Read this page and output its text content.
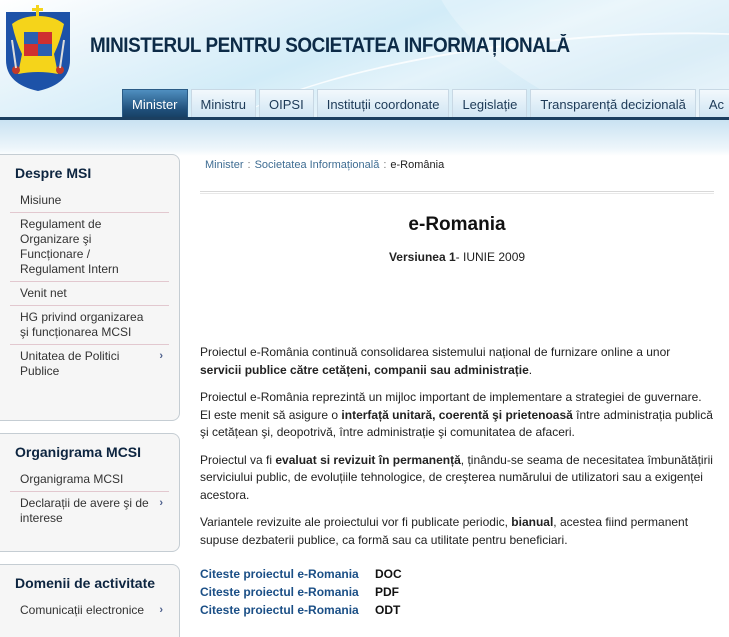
MINISTERUL PENTRU SOCIETATEA INFORMAȚIONALĂ
Minister	Ministru	OIPSI	Instituții coordonate	Legislație	Transparență decizională	Ac
Despre MSI
Misiune
Regulament de Organizare şi Funcționare / Regulament Intern
Venit net
HG privind organizarea şi funcționarea MCSI
Unitatea de Politici Publice
›
Organigrama MCSI
Organigrama MCSI
Declarații de avere şi de interese
›
Domenii de activitate
Comunicații electronice ›
Minister : Societatea Informațională : e-România
e-Romania
Versiunea 1- IUNIE 2009

Proiectul e-România continuă consolidarea sistemului național de furnizare online a unor servicii publice către cetățeni, companii sau administrație.

Proiectul e-România reprezintă un mijloc important de implementare a strategiei de guvernare. El este menit să asigure o interfață unitară, coerentă şi prietenoasă între administrația publică şi cetățean şi, deopotrivă, între administrație şi comunitatea de afaceri.

Proiectul va fi evaluat si revizuit în permanență, ținându-se seama de necesitatea îmbunătățirii serviciului public, de evoluțiile tehnologice, de creşterea numărului de utilizatori sau a exigenței acestora.

Variantele revizuite ale proiectului vor fi publicate periodic, bianual, acestea fiind permanent supuse dezbaterii publice, ca formă sau ca utilitate pentru beneficiari.

Citeste proiectul e-Romania	DOC
Citeste proiectul e-Romania	PDF
Citeste proiectul e-Romania	ODT
